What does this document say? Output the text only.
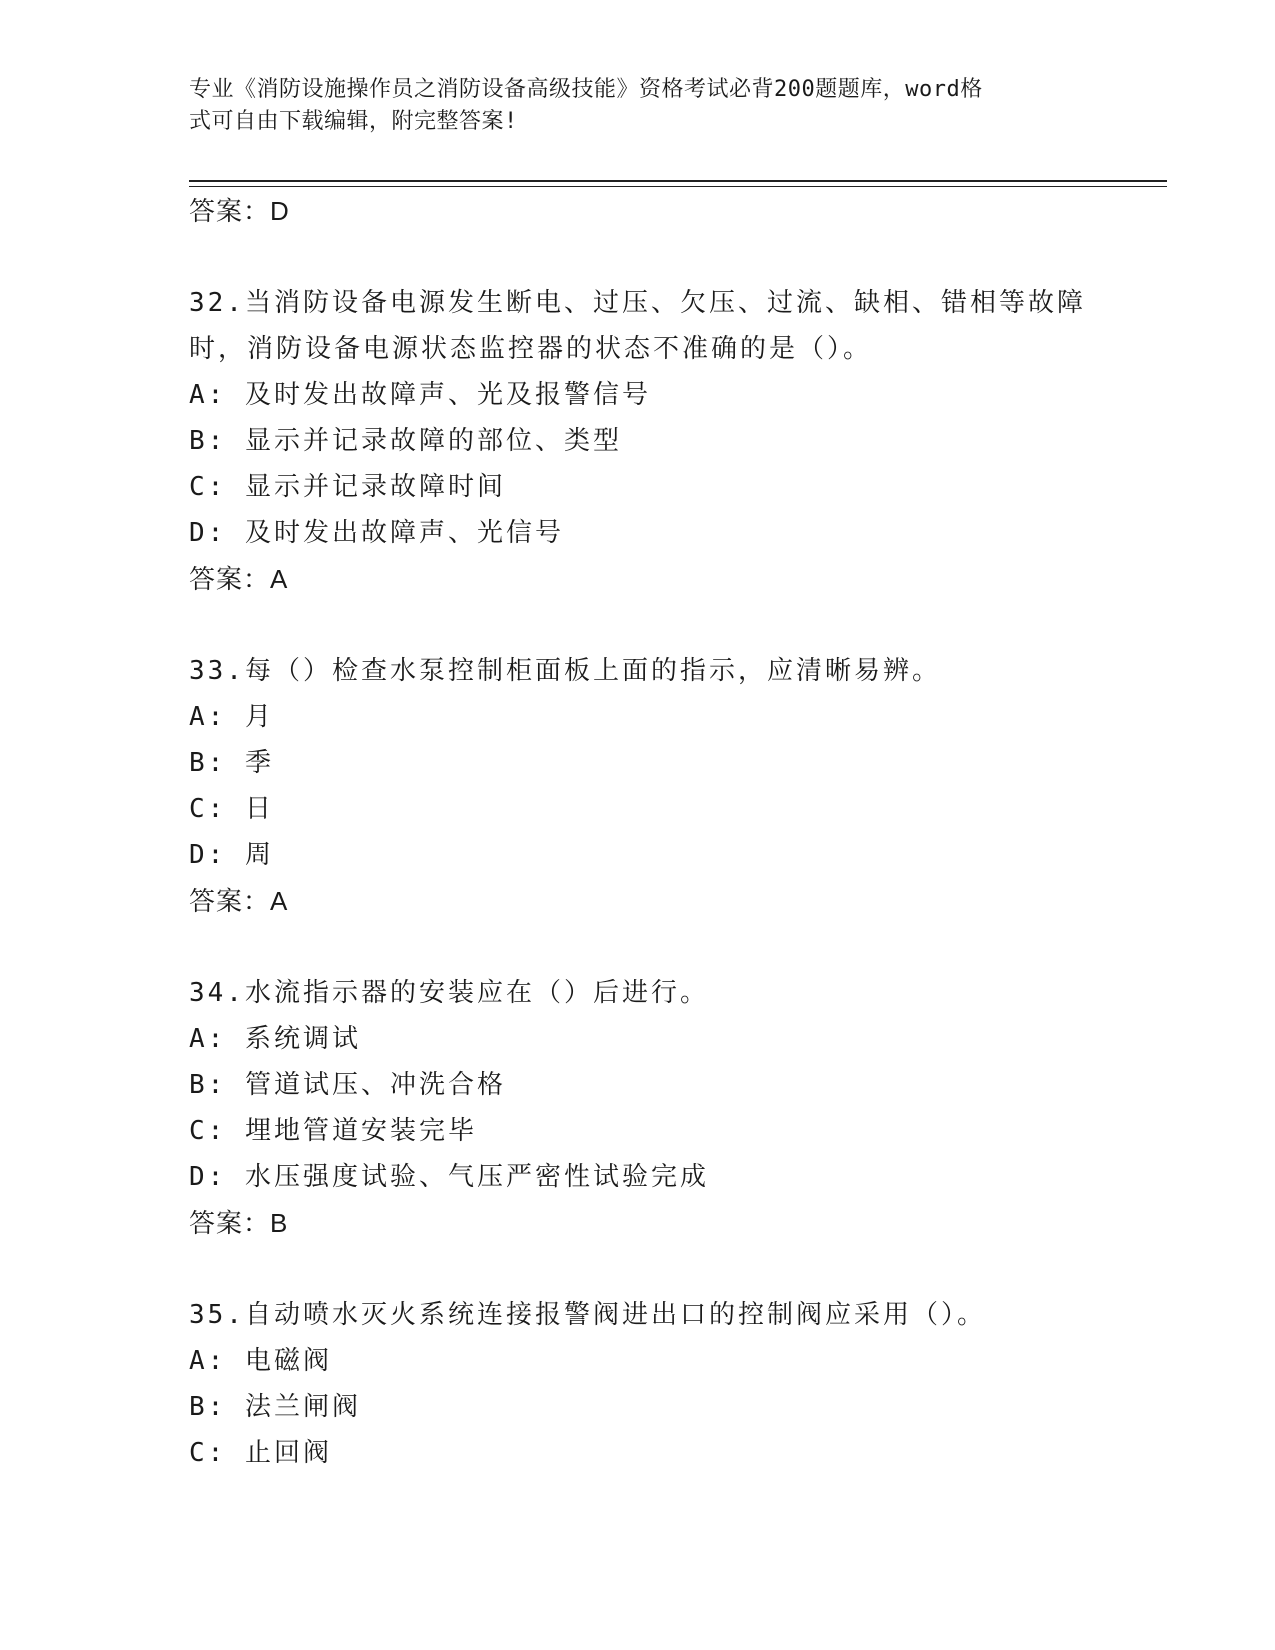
专业《消防设施操作员之消防设备高级技能》资格考试必背200题题库，word格
式可自由下载编辑，附完整答案!
答案：D
32.当消防设备电源发生断电、过压、欠压、过流、缺相、错相等故障
时，消防设备电源状态监控器的状态不准确的是（）。
A: 及时发出故障声、光及报警信号
B: 显示并记录故障的部位、类型
C: 显示并记录故障时间
D: 及时发出故障声、光信号
答案：A
33.每（）检查水泵控制柜面板上面的指示，应清晰易辨。
A: 月
B: 季
C: 日
D: 周
答案：A
34.水流指示器的安装应在（）后进行。
A: 系统调试
B: 管道试压、冲洗合格
C: 埋地管道安装完毕
D: 水压强度试验、气压严密性试验完成
答案：B
35.自动喷水灭火系统连接报警阀进出口的控制阀应采用（）。
A: 电磁阀
B: 法兰闸阀
C: 止回阀
